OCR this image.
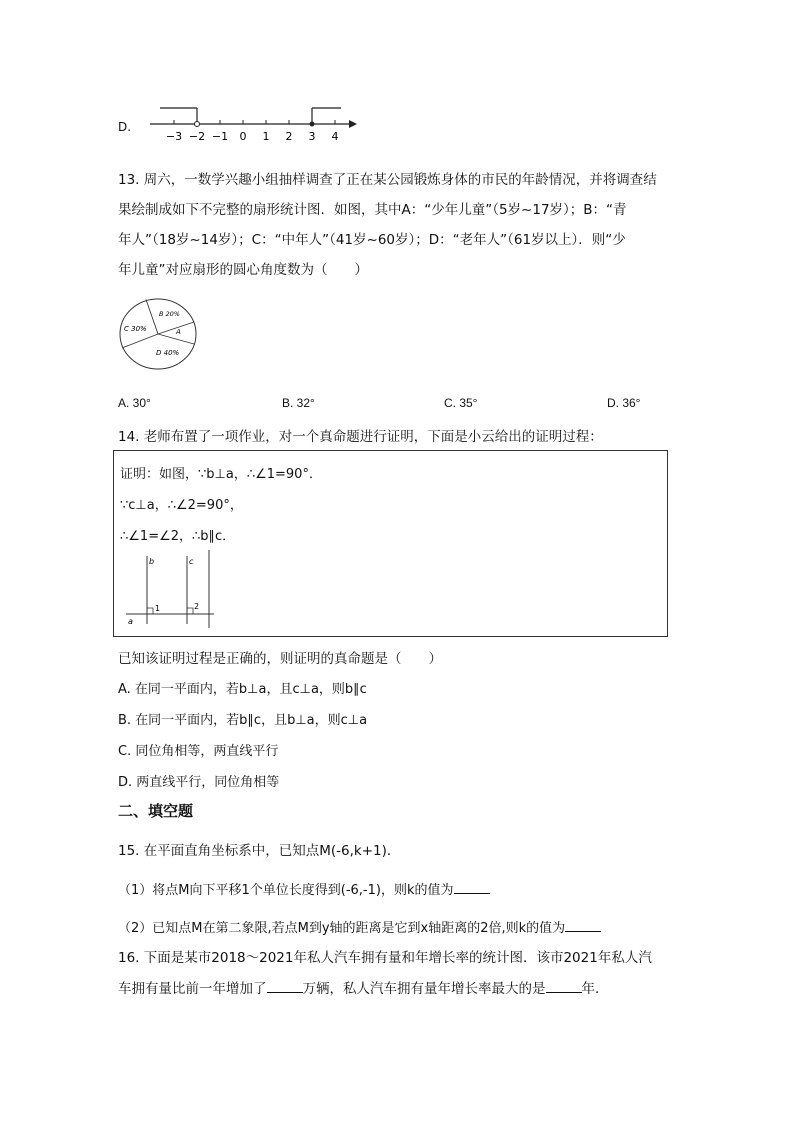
D.
−3 −2 −1 0 1 2 3 4
13. 周六，一数学兴趣小组抽样调查了正在某公园锻炼身体的市民的年龄情况，并将调查结
果绘制成如下不完整的扇形统计图．如图，其中A：“少年儿童”（5岁~17岁）；B：“青
年人”（18岁~14岁）；C：“中年人”（41岁~60岁）；D：“老年人”（61岁以上）．则“少
年儿童”对应扇形的圆心角度数为（　　）
B 20%
A
C 30%
D 40%
A. 30°	B. 32°	C. 35°	D. 36°
14. 老师布置了一项作业，对一个真命题进行证明，下面是小云给出的证明过程：
证明：如图，∵b⊥a，∴∠1=90°．
∵c⊥a，∴∠2=90°，
∴∠1=∠2，∴b∥c．
b	c
a
1	2
已知该证明过程是正确的，则证明的真命题是（　　）
A. 在同一平面内，若b⊥a，且c⊥a，则b∥c
B. 在同一平面内，若b∥c，且b⊥a，则c⊥a
C. 同位角相等，两直线平行
D. 两直线平行，同位角相等
二、填空题
15. 在平面直角坐标系中，已知点M(-6,k+1)．
（1）将点M向下平移1个单位长度得到(-6,-1)，则k的值为
（2）已知点M在第二象限,若点M到y轴的距离是它到x轴距离的2倍,则k的值为
16. 下面是某市2018～2021年私人汽车拥有量和年增长率的统计图．该市2021年私人汽
车拥有量比前一年增加了	万辆，私人汽车拥有量年增长率最大的是	年．
